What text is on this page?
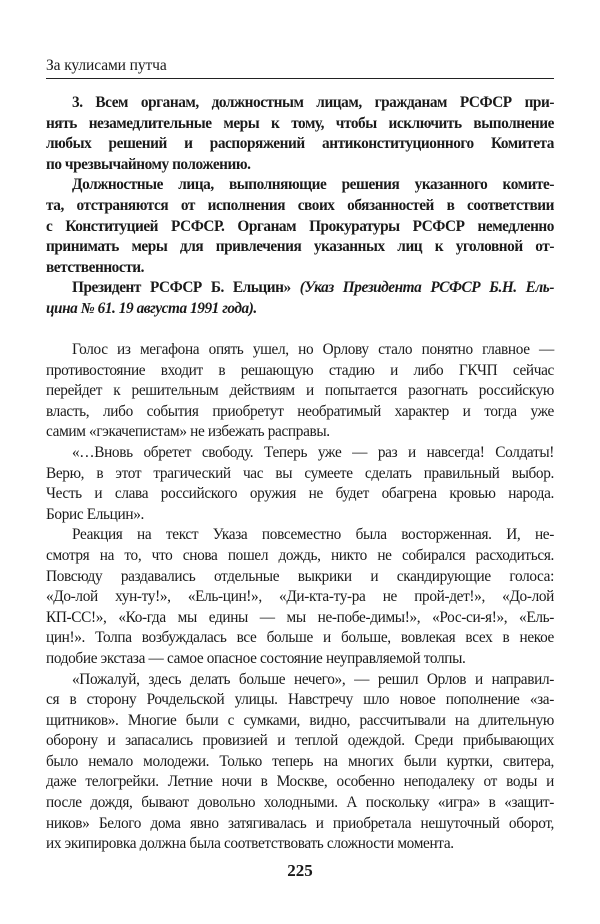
За кулисами путча

3. Всем органам, должностным лицам, гражданам РСФСР при-
нять незамедлительные меры к тому, чтобы исключить выполнение
любых решений и распоряжений антиконституционного Комитета
по чрезвычайному положению.

Должностные лица, выполняющие решения указанного комите-
та, отстраняются от исполнения своих обязанностей в соответствии
с Конституцией РСФСР. Органам Прокуратуры РСФСР немедленно
принимать меры для привлечения указанных лиц к уголовной от-
ветственности.

Президент РСФСР Б. Ельцин» (Указ Президента РСФСР Б.Н. Ель-
цина № 61. 19 августа 1991 года).

Голос из мегафона опять ушел, но Орлову стало понятно главное —
противостояние входит в решающую стадию и либо ГКЧП сейчас
перейдет к решительным действиям и попытается разогнать российскую
власть, либо события приобретут необратимый характер и тогда уже
самим «гэкачепистам» не избежать расправы.

«…Вновь обретет свободу. Теперь уже — раз и навсегда! Солдаты!
Верю, в этот трагический час вы сумеете сделать правильный выбор.
Честь и слава российского оружия не будет обагрена кровью народа.
Борис Ельцин».

Реакция на текст Указа повсеместно была восторженная. И, не-
смотря на то, что снова пошел дождь, никто не собирался расходиться.
Повсюду раздавались отдельные выкрики и скандирующие голоса:
«До-лой хун-ту!», «Ель-цин!», «Ди-кта-ту-ра не прой-дет!», «До-лой
КП-СС!», «Ко-гда мы едины — мы не-побе-димы!», «Рос-си-я!», «Ель-
цин!». Толпа возбуждалась все больше и больше, вовлекая всех в некое
подобие экстаза — самое опасное состояние неуправляемой толпы.

«Пожалуй, здесь делать больше нечего», — решил Орлов и направил-
ся в сторону Рочдельской улицы. Навстречу шло новое пополнение «за-
щитников». Многие были с сумками, видно, рассчитывали на длительную
оборону и запасались провизией и теплой одеждой. Среди прибывающих
было немало молодежи. Только теперь на многих были куртки, свитера,
даже телогрейки. Летние ночи в Москве, особенно неподалеку от воды и
после дождя, бывают довольно холодными. А поскольку «игра» в «защит-
ников» Белого дома явно затягивалась и приобретала нешуточный оборот,
их экипировка должна была соответствовать сложности момента.

225
